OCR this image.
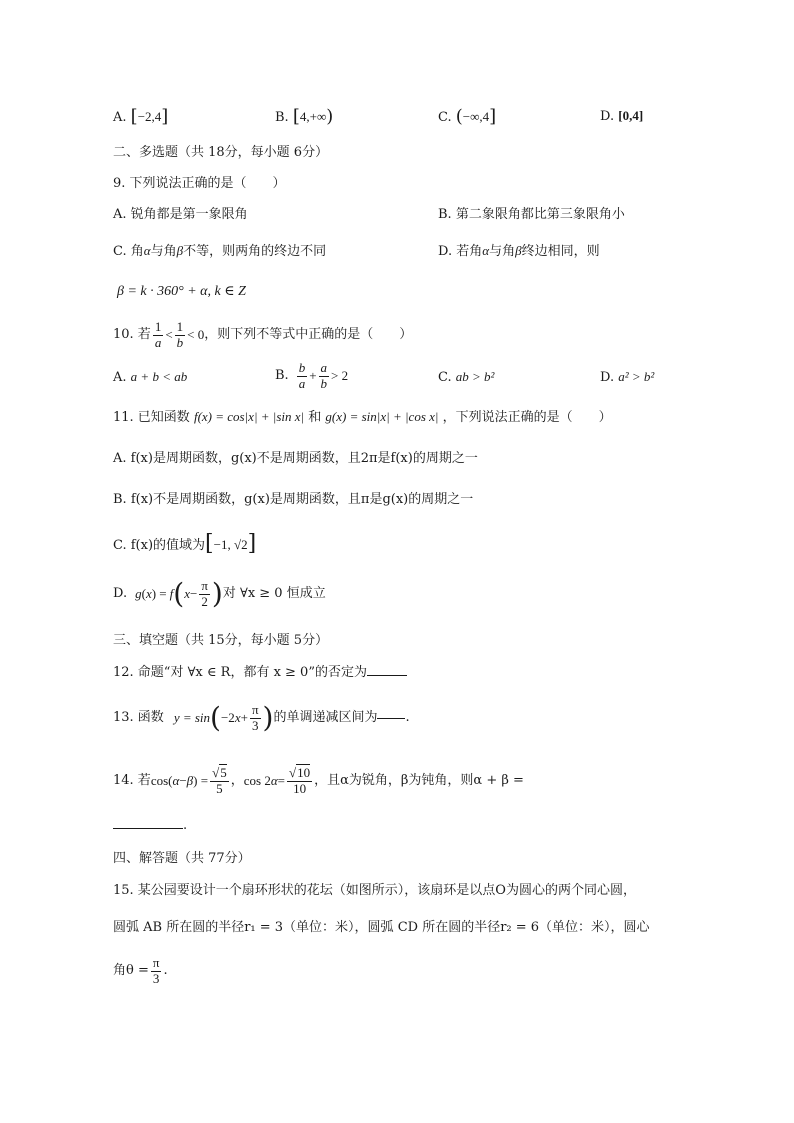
A. [−2,4]	B. [4,+∞)	C. (−∞,4]	D. [0,4]
二、多选题（共 18分，每小题 6分）
9. 下列说法正确的是（　　）
A. 锐角都是第一象限角	B. 第二象限角都比第三象限角小
C. 角α与角β不等，则两角的终边不同	D. 若角α与角β终边相同，则
β = k · 360° + α, k ∈ Z
10. 若 $\frac{1}{a} < \frac{1}{b} < 0$ ，则下列不等式中正确的是（　　）
A. a + b < ab	B. $\frac{b}{a} + \frac{a}{b} > 2$	C. ab > b²	D. a² > b²
11. 已知函数 f(x) = cos|x| + |sin x| 和 g(x) = sin|x| + |cos x| ，下列说法正确的是（　　）
A. f(x)是周期函数，g(x)不是周期函数，且2π是f(x)的周期之一
B. f(x)不是周期函数，g(x)是周期函数，且π是g(x)的周期之一
C. f(x)的值域为[−1, √2]
D. g ( x ) = f ( $x - \frac{\pi}{2}$ ) 对 ∀x ≥ 0 恒成立
三、填空题（共 15分，每小题 5分）
12. 命题“对 ∀x ∈ R，都有 x ≥ 0”的否定为
13. 函数 y = sin ( −2 $x + \frac{\pi}{3}$ ) 的单调递减区间为 .
14. 若 cos ( α − β ) = $\frac{√5}{5}$ ， cos 2 $\alpha = \frac{√10}{10}$ ，且α为锐角，β为钝角，则α + β =
.
四、解答题（共 77分）
15. 某公园要设计一个扇环形状的花坛（如图所示），该扇环是以点O为圆心的两个同心圆，
圆弧 AB 所在圆的半径r₁ = 3（单位：米），圆弧 CD 所在圆的半径r₂ = 6（单位：米），圆心
角$\theta = \frac{\pi}{3}$ .
